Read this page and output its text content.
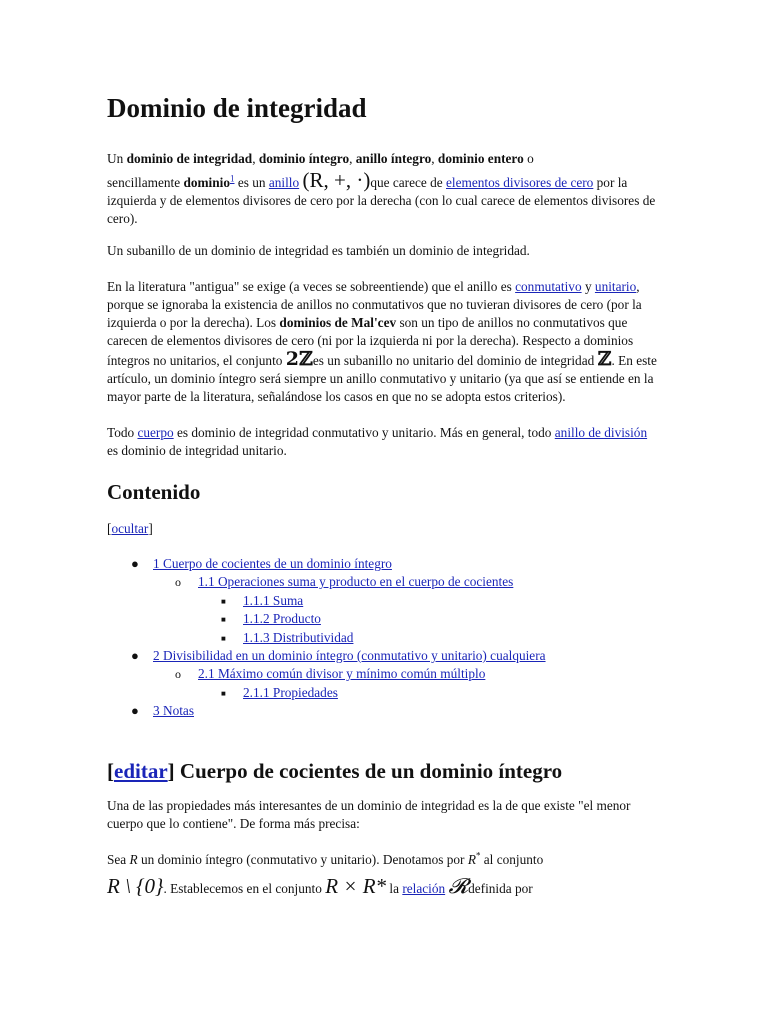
Dominio de integridad

Un dominio de integridad, dominio íntegro, anillo íntegro, dominio entero o
sencillamente dominio$^1$ es un anillo (R, +, ·)que carece de elementos divisores de cero por la izquierda y de elementos divisores de cero por la derecha (con lo cual carece de elementos divisores de cero).

Un subanillo de un dominio de integridad es también un dominio de integridad.

En la literatura "antigua" se exige (a veces se sobreentiende) que el anillo es conmutativo y unitario, porque se ignoraba la existencia de anillos no conmutativos que no tuvieran divisores de cero (por la izquierda o por la derecha). Los dominios de Mal'cev son un tipo de anillos no conmutativos que carecen de elementos divisores de cero (ni por la izquierda ni por la derecha). Respecto a dominios íntegros no unitarios, el conjunto 2ℤes un subanillo no unitario del dominio de integridad ℤ. En este artículo, un dominio íntegro será siempre un anillo conmutativo y unitario (ya que así se entiende en la mayor parte de la literatura, señalándose los casos en que no se adopta estos criterios).

Todo cuerpo es dominio de integridad conmutativo y unitario. Más en general, todo anillo de división es dominio de integridad unitario.

Contenido

[ocultar]

● 1 Cuerpo de cocientes de un dominio íntegro
o 1.1 Operaciones suma y producto en el cuerpo de cocientes
■ 1.1.1 Suma
■ 1.1.2 Producto
■ 1.1.3 Distributividad
● 2 Divisibilidad en un dominio íntegro (conmutativo y unitario) cualquiera
o 2.1 Máximo común divisor y mínimo común múltiplo
■ 2.1.1 Propiedades
● 3 Notas
[editar] Cuerpo de cocientes de un dominio íntegro

Una de las propiedades más interesantes de un dominio de integridad es la de que existe "el menor cuerpo que lo contiene". De forma más precisa:

Sea R un dominio íntegro (conmutativo y unitario). Denotamos por R* al conjunto
R \ {0}. Establecemos en el conjunto R × R* la relación 𝓡definida por
